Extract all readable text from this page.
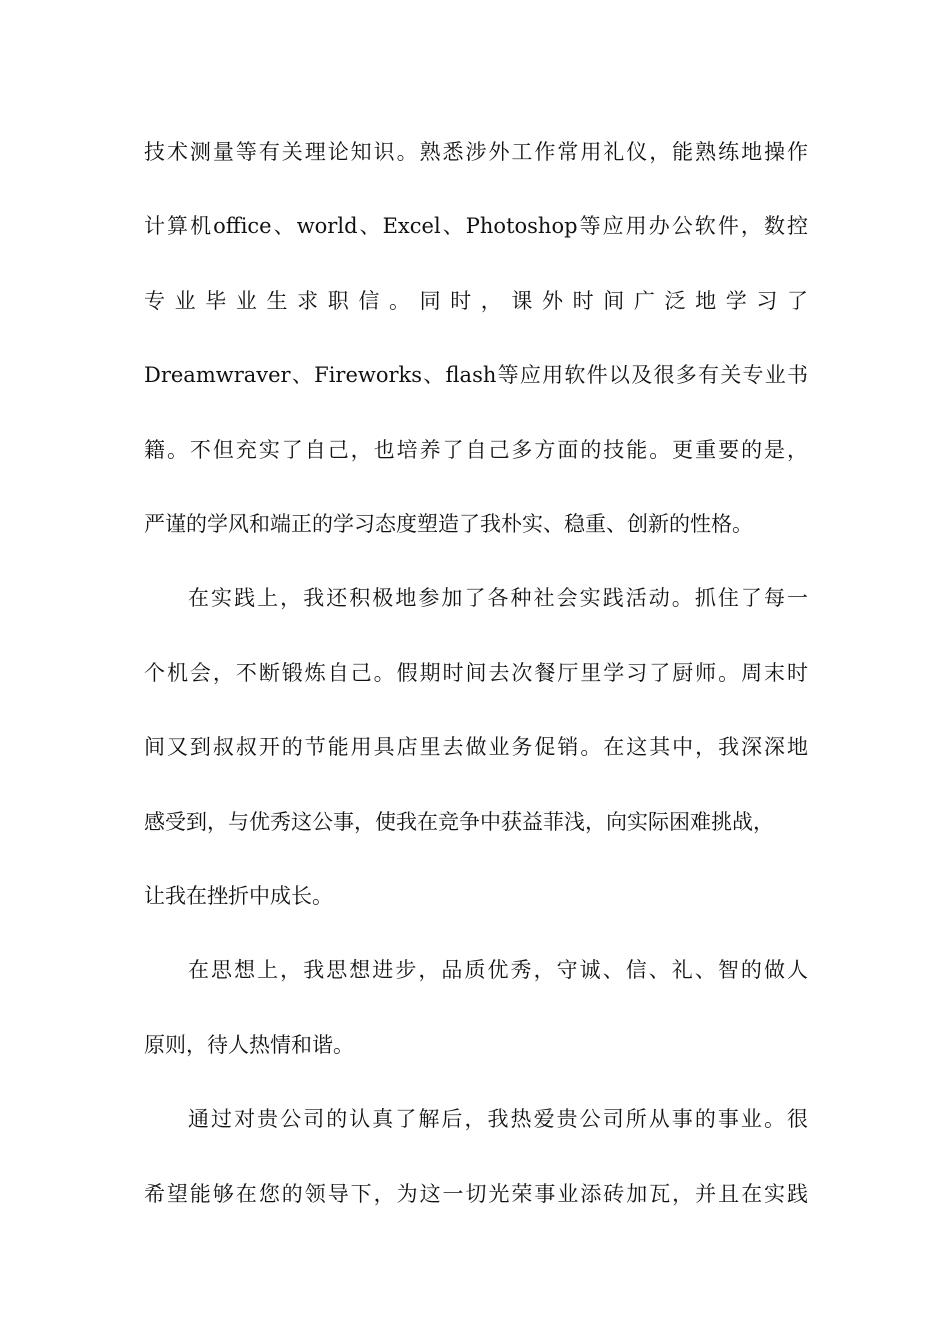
技术测量等有关理论知识。熟悉涉外工作常用礼仪，能熟练地操作
计算机office、world、Excel、Photoshop等应用办公软件，数控
专业毕业生求职信。同时，课外时间广泛地学习了
Dreamwraver、Fireworks、flash等应用软件以及很多有关专业书
籍。不但充实了自己，也培养了自己多方面的技能。更重要的是，
严谨的学风和端正的学习态度塑造了我朴实、稳重、创新的性格。
在实践上，我还积极地参加了各种社会实践活动。抓住了每一
个机会，不断锻炼自己。假期时间去次餐厅里学习了厨师。周末时
间又到叔叔开的节能用具店里去做业务促销。在这其中，我深深地
感受到，与优秀这公事，使我在竞争中获益菲浅，向实际困难挑战，
让我在挫折中成长。
在思想上，我思想进步，品质优秀，守诚、信、礼、智的做人
原则，待人热情和谐。
通过对贵公司的认真了解后，我热爱贵公司所从事的事业。很
希望能够在您的领导下，为这一切光荣事业添砖加瓦，并且在实践
